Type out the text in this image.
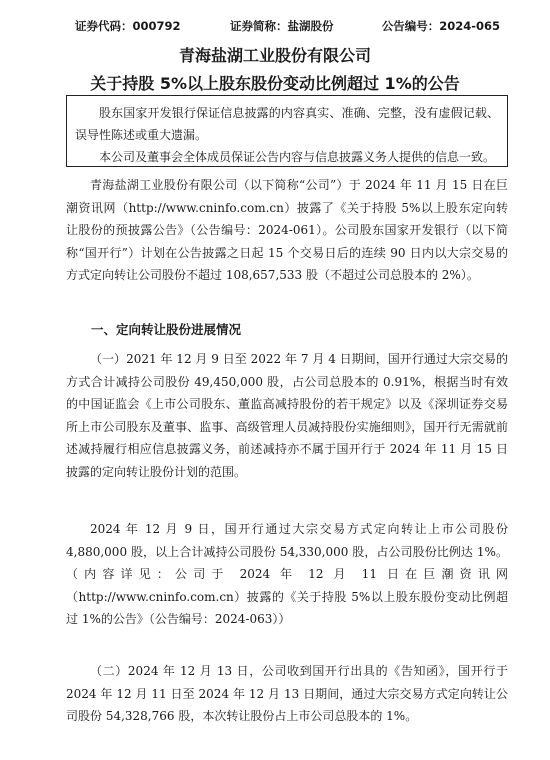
证券代码：000792	证券简称：盐湖股份	公告编号：2024-065
青海盐湖工业股份有限公司
关于持股 5%以上股东股份变动比例超过 1%的公告

股东国家开发银行保证信息披露的内容真实、准确、完整，没有虚假记载、误导性陈述或重大遗漏。

本公司及董事会全体成员保证公告内容与信息披露义务人提供的信息一致。

青海盐湖工业股份有限公司（以下简称“公司”）于 2024 年 11 月 15 日在巨潮资讯网（http://www.cninfo.com.cn）披露了《关于持股 5%以上股东定向转让股份的预披露公告》（公告编号：2024-061）。公司股东国家开发银行（以下简称“国开行”）计划在公告披露之日起 15 个交易日后的连续 90 日内以大宗交易的方式定向转让公司股份不超过 108,657,533 股（不超过公司总股本的 2%）。

一、定向转让股份进展情况

（一）2021 年 12 月 9 日至 2022 年 7 月 4 日期间，国开行通过大宗交易的方式合计减持公司股份 49,450,000 股，占公司总股本的 0.91%，根据当时有效的中国证监会《上市公司股东、董监高减持股份的若干规定》以及《深圳证券交易所上市公司股东及董事、监事、高级管理人员减持股份实施细则》，国开行无需就前述减持履行相应信息披露义务，前述减持亦不属于国开行于 2024 年 11 月 15 日披露的定向转让股份计划的范围。

2024 年 12 月 9 日，国开行通过大宗交易方式定向转让上市公司股份 4,880,000 股，以上合计减持公司股份 54,330,000 股，占公司股份比例达 1%。（内容详见：公司于 2024 年 12 月 11 日在巨潮资讯网（http://www.cninfo.com.cn）披露的《关于持股 5%以上股东股份变动比例超过 1%的公告》（公告编号：2024-063））

（二）2024 年 12 月 13 日，公司收到国开行出具的《告知函》，国开行于 2024 年 12 月 11 日至 2024 年 12 月 13 日期间，通过大宗交易方式定向转让公司股份 54,328,766 股，本次转让股份占上市公司总股本的 1%。
